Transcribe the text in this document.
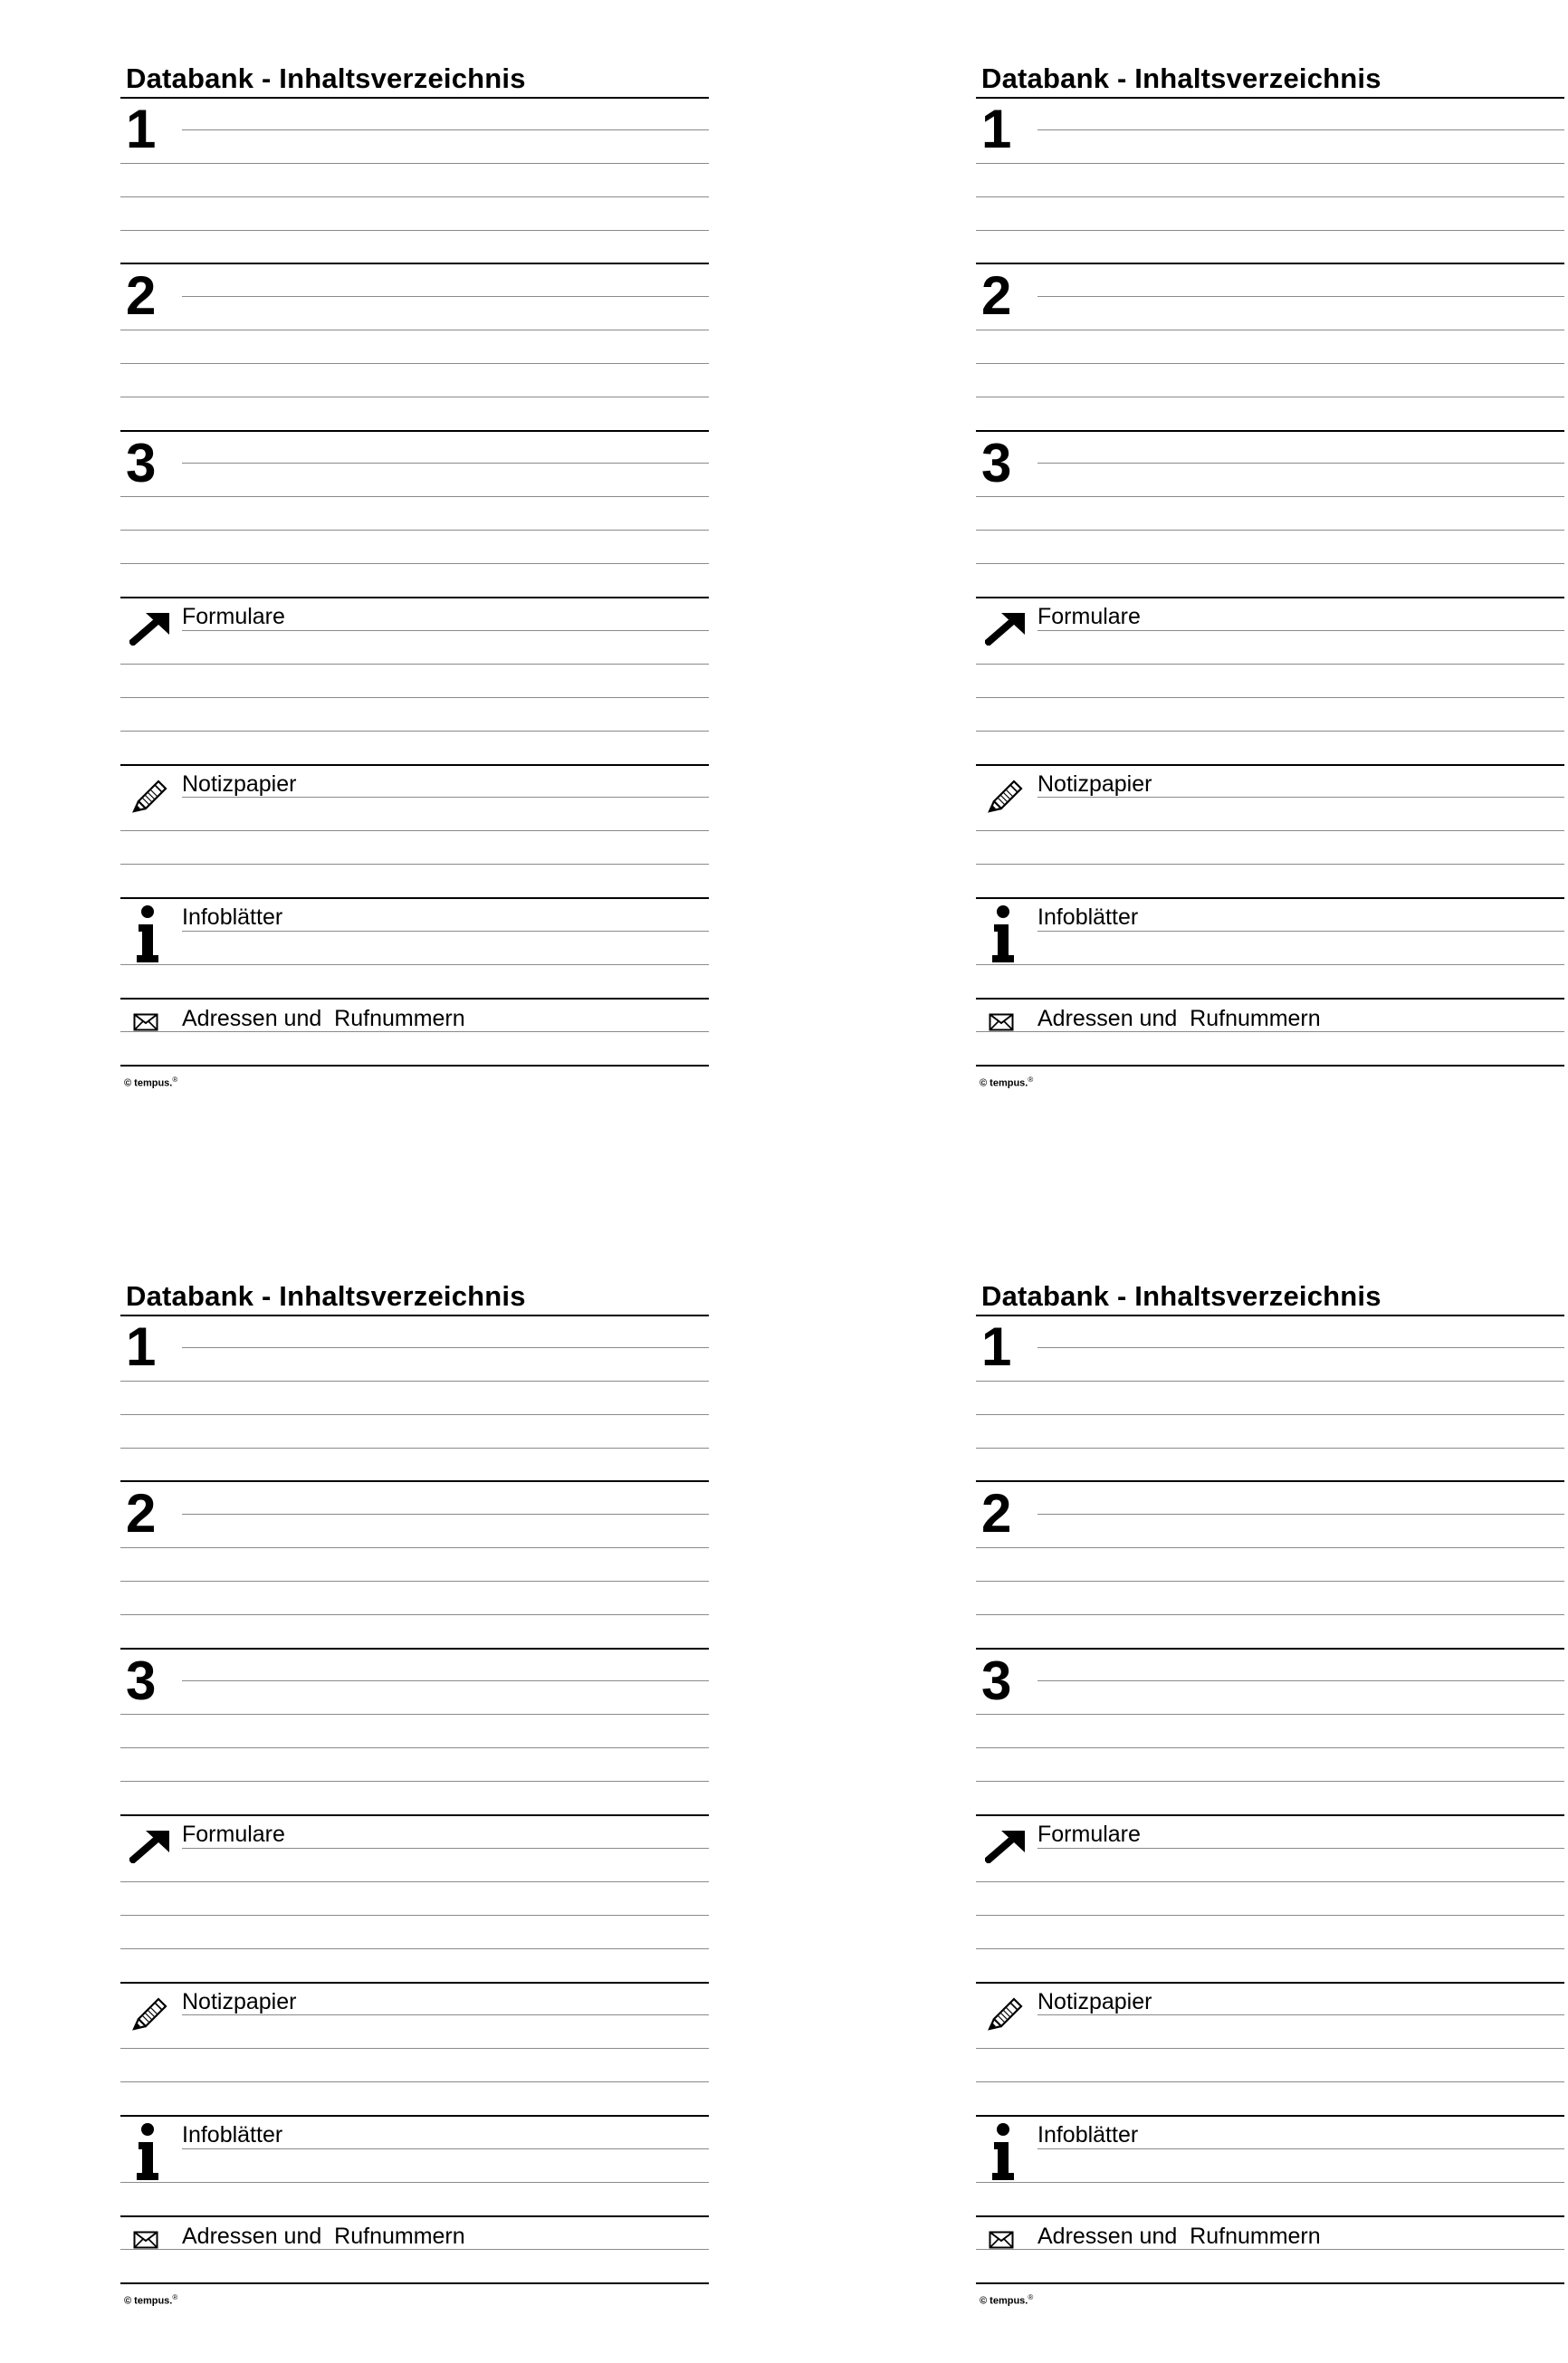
Databank - Inhaltsverzeichnis
1
2
3
Formulare
Notizpapier
Infoblätter
Adressen und  Rufnummern
© tempus.®
Databank - Inhaltsverzeichnis
1
2
3
Formulare
Notizpapier
Infoblätter
Adressen und  Rufnummern
© tempus.®
Databank - Inhaltsverzeichnis
1
2
3
Formulare
Notizpapier
Infoblätter
Adressen und  Rufnummern
© tempus.®
Databank - Inhaltsverzeichnis
1
2
3
Formulare
Notizpapier
Infoblätter
Adressen und  Rufnummern
© tempus.®
